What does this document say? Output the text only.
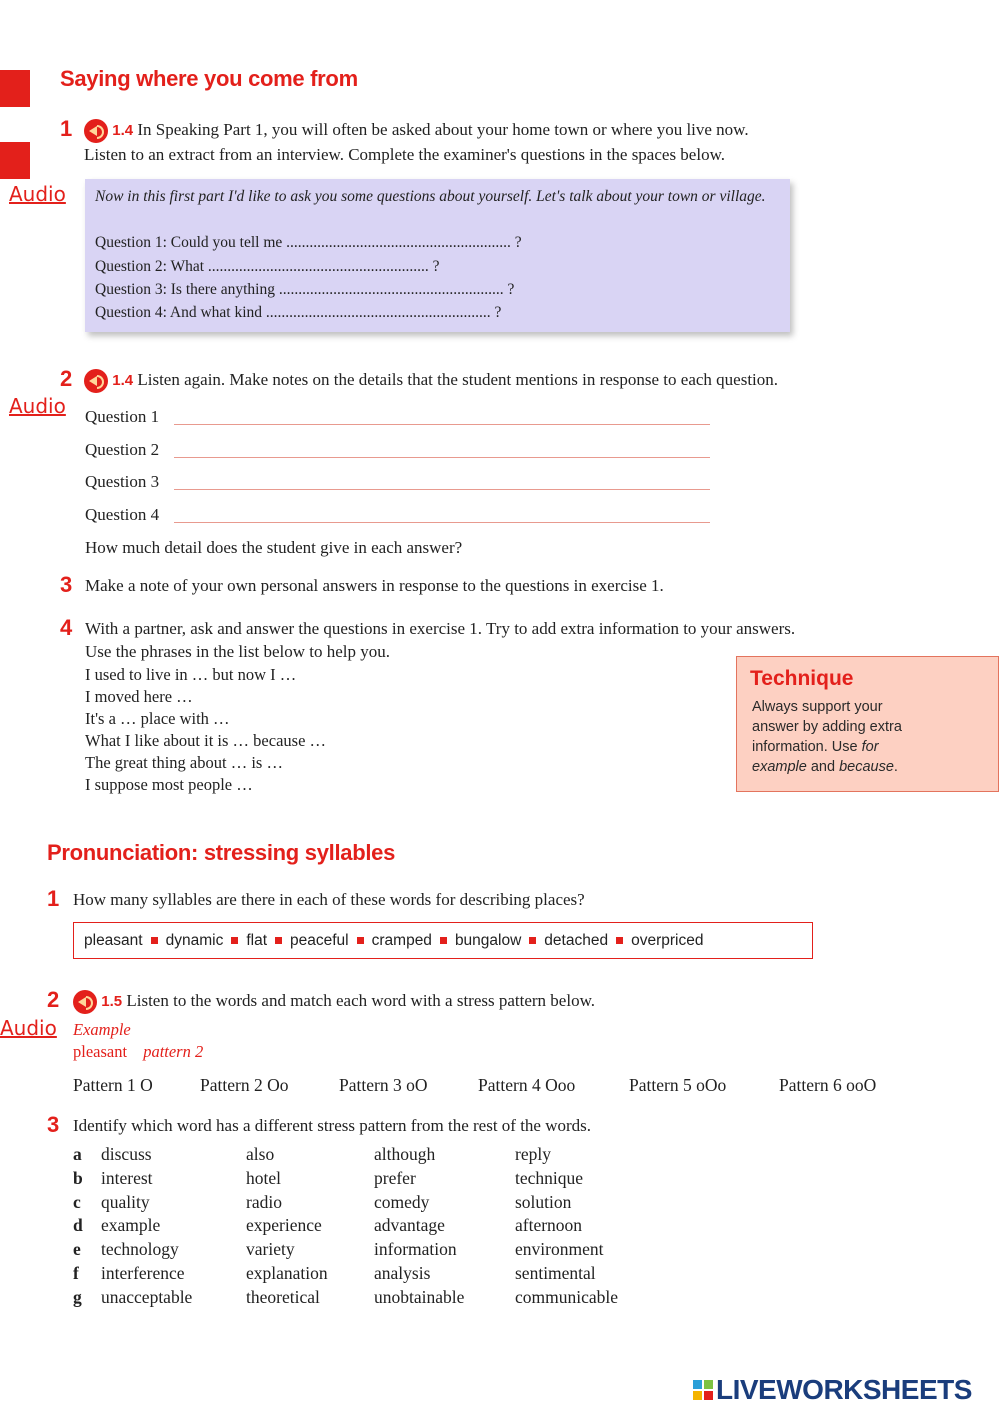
Saying where you come from
1	1.4 In Speaking Part 1, you will often be asked about your home town or where you live now.
Listen to an extract from an interview. Complete the examiner's questions in the spaces below.
Audio Now in this first part I'd like to ask you some questions about yourself. Let's talk about your town or village.
Question 1: Could you tell me .......................................................... ?
Question 2: What ......................................................... ?
Question 3: Is there anything .......................................................... ?
Question 4: And what kind .......................................................... ?
2	1.4 Listen again. Make notes on the details that the student mentions in response to each question.
Audio Question 1
Question 2
Question 3
Question 4
How much detail does the student give in each answer?
3 Make a note of your own personal answers in response to the questions in exercise 1.
4 With a partner, ask and answer the questions in exercise 1. Try to add extra information to your answers.
Use the phrases in the list below to help you.
I used to live in … but now I …
I moved here …
It's a … place with …
What I like about it is … because …
The great thing about … is …
I suppose most people …
Technique
Always support your
answer by adding extra
information. Use for
example and because.
Pronunciation: stressing syllables
1 How many syllables are there in each of these words for describing places?
pleasant dynamic flat peaceful cramped bungalow detached overpriced
2	1.5 Listen to the words and match each word with a stress pattern below.
Audio Example
pleasant pattern 2
Pattern 1 O	Pattern 2 Oo	Pattern 3 oO	Pattern 4 Ooo	Pattern 5 oOo	Pattern 6 ooO
3 Identify which word has a different stress pattern from the rest of the words.
a	discuss	also	although	reply
b	interest	hotel	prefer	technique
c	quality	radio	comedy	solution
d	example	experience	advantage	afternoon
e	technology	variety	information	environment
f	interference	explanation	analysis	sentimental
g	unacceptable	theoretical	unobtainable	communicable
LIVEWORKSHEETS
